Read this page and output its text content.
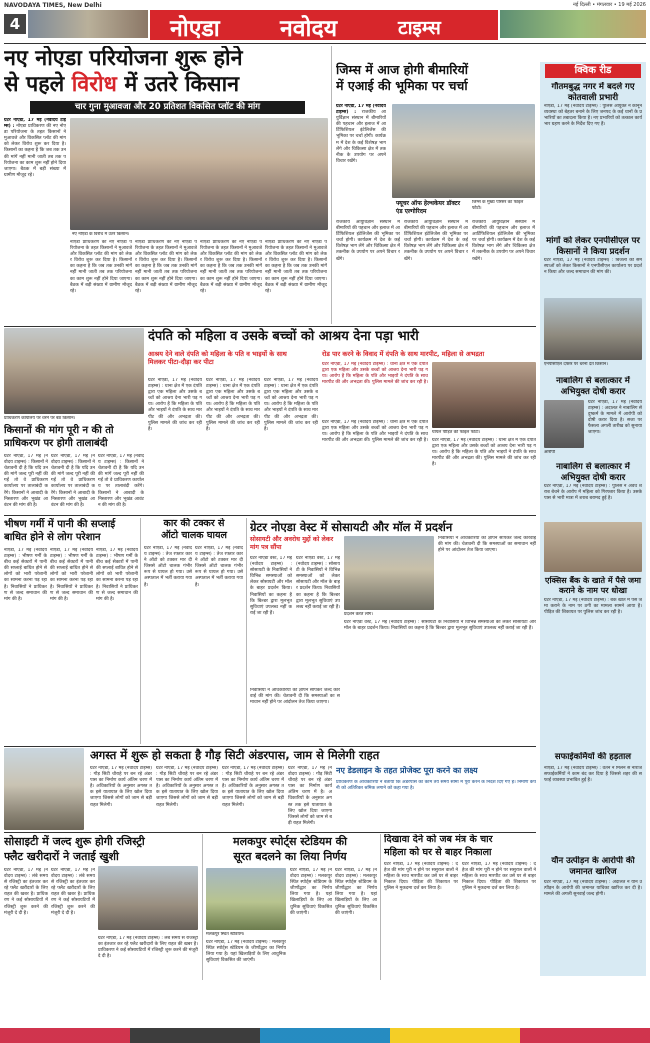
NAVODAYA TIMES, New Delhi
4	नोएडा	नवोदय	टाइम्स
नई दिल्ली • मंगलवार • 19 मई 2026
नए नोएडा परियोजना शुरू होने
से पहले विरोध में उतरे किसान
चार गुना मुआवजा और 20 प्रतिशत विकसित प्लॉट की मांग
ग्रेटर नोएडा, 17 मई (नवोदय टाइम्स) : नोएडा प्राधिकरण की नए नोएडा परियोजना के तहत किसानों ने मुआवजे और विकसित प्लॉट की मांग को लेकर विरोध शुरू कर दिया है। किसानों का कहना है कि जब तक उनकी मांगें नहीं मानी जाती तब तक परियोजना का काम शुरू नहीं होने दिया जाएगा। बैठक में बड़ी संख्या में ग्रामीण मौजूद रहे।
नए नोएडा के विरोध में उतरे किसान।
नोएडा प्राधिकरण की नए नोएडा परियोजना के तहत किसानों ने मुआवजे और विकसित प्लॉट की मांग को लेकर विरोध शुरू कर दिया है। किसानों का कहना है कि जब तक उनकी मांगें नहीं मानी जाती तब तक परियोजना का काम शुरू नहीं होने दिया जाएगा। बैठक में बड़ी संख्या में ग्रामीण मौजूद रहे।
नोएडा प्राधिकरण की नए नोएडा परियोजना के तहत किसानों ने मुआवजे और विकसित प्लॉट की मांग को लेकर विरोध शुरू कर दिया है। किसानों का कहना है कि जब तक उनकी मांगें नहीं मानी जाती तब तक परियोजना का काम शुरू नहीं होने दिया जाएगा। बैठक में बड़ी संख्या में ग्रामीण मौजूद रहे।
नोएडा प्राधिकरण की नए नोएडा परियोजना के तहत किसानों ने मुआवजे और विकसित प्लॉट की मांग को लेकर विरोध शुरू कर दिया है। किसानों का कहना है कि जब तक उनकी मांगें नहीं मानी जाती तब तक परियोजना का काम शुरू नहीं होने दिया जाएगा। बैठक में बड़ी संख्या में ग्रामीण मौजूद रहे।
नोएडा प्राधिकरण की नए नोएडा परियोजना के तहत किसानों ने मुआवजे और विकसित प्लॉट की मांग को लेकर विरोध शुरू कर दिया है। किसानों का कहना है कि जब तक उनकी मांगें नहीं मानी जाती तब तक परियोजना का काम शुरू नहीं होने दिया जाएगा। बैठक में बड़ी संख्या में ग्रामीण मौजूद रहे।
जिम्स में आज होगी बीमारियों
में एआई की भूमिका पर चर्चा
ग्रेटर नोएडा, 17 मई (नवोदय टाइम्स) : राजकीय आयुर्विज्ञान संस्थान में बीमारियों की पहचान और इलाज में आर्टिफिशियल इंटेलिजेंस की भूमिका पर चर्चा होगी। कार्यक्रम में देश के कई विशेषज्ञ भाग लेंगे और चिकित्सा क्षेत्र में तकनीक के उपयोग पर अपने विचार रखेंगे।
फ्यूचर ऑफ हेल्थकेयर डॉक्टर एंड एल्गोरिदम
जिम्स के मुख्य परिसर का फाइल फोटो।
राजकीय आयुर्विज्ञान संस्थान में बीमारियों की पहचान और इलाज में आर्टिफिशियल इंटेलिजेंस की भूमिका पर चर्चा होगी। कार्यक्रम में देश के कई विशेषज्ञ भाग लेंगे और चिकित्सा क्षेत्र में तकनीक के उपयोग पर अपने विचार रखेंगे।
राजकीय आयुर्विज्ञान संस्थान में बीमारियों की पहचान और इलाज में आर्टिफिशियल इंटेलिजेंस की भूमिका पर चर्चा होगी। कार्यक्रम में देश के कई विशेषज्ञ भाग लेंगे और चिकित्सा क्षेत्र में तकनीक के उपयोग पर अपने विचार रखेंगे।
राजकीय आयुर्विज्ञान संस्थान में बीमारियों की पहचान और इलाज में आर्टिफिशियल इंटेलिजेंस की भूमिका पर चर्चा होगी। कार्यक्रम में देश के कई विशेषज्ञ भाग लेंगे और चिकित्सा क्षेत्र में तकनीक के उपयोग पर अपने विचार रखेंगे।
क्विक रीड
गौतमबुद्ध नगर में बदले गए कोतवाली प्रभारी
नोएडा, 17 मई (नवोदय टाइम्स) : पुलिस आयुक्त ने कानून व्यवस्था को बेहतर बनाने के लिए जनपद के कई थानों के प्रभारियों का तबादला किया है। नए प्रभारियों को तत्काल कार्यभार ग्रहण करने के निर्देश दिए गए हैं।
मांगों को लेकर एनपीसीएल पर किसानों ने किया प्रदर्शन
ग्रेटर नोएडा, 17 मई (नवोदय टाइम्स) : बिजली की समस्याओं को लेकर किसानों ने एनपीसीएल कार्यालय पर प्रदर्शन किया और जल्द समाधान की मांग की।
एनपीसीएल दफ्तर पर धरना देते किसान।
नाबालिग से बलात्कार में अभियुक्त दोषी करार
आरोपी
ग्रेटर नोएडा, 17 मई (नवोदय टाइम्स) : अदालत ने नाबालिग से दुष्कर्म के मामले में आरोपी को दोषी करार दिया है। सजा पर फैसला अगली तारीख को सुनाया जाएगा।
नाबालिग से बलात्कार में अभियुक्त दोषी करार
ग्रेटर नोएडा, 17 मई (नवोदय टाइम्स) : पुलिस ने अवैध शराब बेचने के आरोप में महिला को गिरफ्तार किया है। उसके पास से भारी मात्रा में शराब बरामद हुई है।
एक्सिस बैंक के खाते में पैसे जमा कराने के नाम पर धोखा
ग्रेटर नोएडा, 17 मई (नवोदय टाइम्स) : बैंक खाते में पैसे जमा कराने के नाम पर ठगी का मामला सामने आया है। पीड़ित की शिकायत पर पुलिस जांच कर रही है।
सफाईकर्मियों की हड़ताल
नोएडा, 17 मई (नवोदय टाइम्स) : वेतन न मिलने से नाराज सफाईकर्मियों ने काम बंद कर दिया है जिससे शहर की सफाई व्यवस्था प्रभावित हुई है।
यौन उत्पीड़न के आरोपी की जमानत खारिज
ग्रेटर नोएडा, 17 मई (नवोदय टाइम्स) : अदालत ने यौन उत्पीड़न के आरोपी की जमानत याचिका खारिज कर दी है। मामले की अगली सुनवाई जल्द होगी।
दंपति को महिला व उसके बच्चों को आश्रय देना पड़ा भारी
प्राधिकरण कार्यालय पर धरने पर बैठे किसान।
आश्रय देने वाले दंपति को महिला के पति व भाइयों के साथ मिलकर पीटा-दौड़ा कर पीटा
ग्रेटर नोएडा, 17 मई (नवोदय टाइम्स) : थाना क्षेत्र में एक दंपति द्वारा एक महिला और उसके बच्चों को आश्रय देना भारी पड़ गया। आरोप है कि महिला के पति और भाइयों ने दंपति के साथ मारपीट की और अभद्रता की। पुलिस मामले की जांच कर रही है।
ग्रेटर नोएडा, 17 मई (नवोदय टाइम्स) : थाना क्षेत्र में एक दंपति द्वारा एक महिला और उसके बच्चों को आश्रय देना भारी पड़ गया। आरोप है कि महिला के पति और भाइयों ने दंपति के साथ मारपीट की और अभद्रता की। पुलिस मामले की जांच कर रही है।
ग्रेटर नोएडा, 17 मई (नवोदय टाइम्स) : थाना क्षेत्र में एक दंपति द्वारा एक महिला और उसके बच्चों को आश्रय देना भारी पड़ गया। आरोप है कि महिला के पति और भाइयों ने दंपति के साथ मारपीट की और अभद्रता की। पुलिस मामले की जांच कर रही है।
रोड पार करने के विवाद में दंपति के साथ मारपीट, महिला से अभद्रता
ग्रेटर नोएडा, 17 मई (नवोदय टाइम्स) : थाना क्षेत्र में एक दंपति द्वारा एक महिला और उसके बच्चों को आश्रय देना भारी पड़ गया। आरोप है कि महिला के पति और भाइयों ने दंपति के साथ मारपीट की और अभद्रता की। पुलिस मामले की जांच कर रही है।
घायल पीड़ित की फाइल फोटो।
ग्रेटर नोएडा, 17 मई (नवोदय टाइम्स) : थाना क्षेत्र में एक दंपति द्वारा एक महिला और उसके बच्चों को आश्रय देना भारी पड़ गया। आरोप है कि महिला के पति और भाइयों ने दंपति के साथ मारपीट की और अभद्रता की। पुलिस मामले की जांच कर रही है। ग्रेटर नोएडा, 17 मई (नवोदय टाइम्स) : थाना क्षेत्र में एक दंपति द्वारा एक महिला और उसके बच्चों को आश्रय देना भारी पड़ गया। आरोप है कि महिला के पति और भाइयों ने दंपति के साथ मारपीट की और अभद्रता की। पुलिस मामले की जांच कर रही है।
किसानों की मांग पूरी न की तो
प्राधिकरण पर होगी तालाबंदी
ग्रेटर नोएडा, 17 मई (नवोदय टाइम्स) : किसानों ने चेतावनी दी है कि यदि उनकी मांगें जल्द पूरी नहीं की गईं तो वे प्राधिकरण कार्यालय पर तालाबंदी करेंगे। किसानों ने आबादी के निस्तारण और भूखंड आवंटन की मांग की है।
ग्रेटर नोएडा, 17 मई (नवोदय टाइम्स) : किसानों ने चेतावनी दी है कि यदि उनकी मांगें जल्द पूरी नहीं की गईं तो वे प्राधिकरण कार्यालय पर तालाबंदी करेंगे। किसानों ने आबादी के निस्तारण और भूखंड आवंटन की मांग की है।
ग्रेटर नोएडा, 17 मई (नवोदय टाइम्स) : किसानों ने चेतावनी दी है कि यदि उनकी मांगें जल्द पूरी नहीं की गईं तो वे प्राधिकरण कार्यालय पर तालाबंदी करेंगे। किसानों ने आबादी के निस्तारण और भूखंड आवंटन की मांग की है।
भीषण गर्मी में पानी की सप्लाई
बाधित होने से लोग परेशान
नोएडा, 17 मई (नवोदय टाइम्स) : भीषण गर्मी के बीच कई सेक्टरों में पानी की सप्लाई बाधित होने से लोगों को भारी परेशानी का सामना करना पड़ रहा है। निवासियों ने प्राधिकरण से जल्द समाधान की मांग की है।
नोएडा, 17 मई (नवोदय टाइम्स) : भीषण गर्मी के बीच कई सेक्टरों में पानी की सप्लाई बाधित होने से लोगों को भारी परेशानी का सामना करना पड़ रहा है। निवासियों ने प्राधिकरण से जल्द समाधान की मांग की है।
नोएडा, 17 मई (नवोदय टाइम्स) : भीषण गर्मी के बीच कई सेक्टरों में पानी की सप्लाई बाधित होने से लोगों को भारी परेशानी का सामना करना पड़ रहा है। निवासियों ने प्राधिकरण से जल्द समाधान की मांग की है।
कार की टक्कर से
ऑटो चालक घायल
ग्रेटर नोएडा, 17 मई (नवोदय टाइम्स) : तेज रफ्तार कार ने ऑटो को टक्कर मार दी जिससे ऑटो चालक गंभीर रूप से घायल हो गया। उसे अस्पताल में भर्ती कराया गया है।
ग्रेटर नोएडा, 17 मई (नवोदय टाइम्स) : तेज रफ्तार कार ने ऑटो को टक्कर मार दी जिससे ऑटो चालक गंभीर रूप से घायल हो गया। उसे अस्पताल में भर्ती कराया गया है।
ग्रेटर नोएडा वेस्ट में सोसायटी और मॉल में प्रदर्शन
सोसायटी और अवरोध मुद्दों को लेकर मांग पत्र सौंपा
ग्रेटर नोएडा वेस्ट, 17 मई (नवोदय टाइम्स) : सोसायटी के निवासियों ने विभिन्न समस्याओं को लेकर सोसायटी और मॉल के बाहर प्रदर्शन किया। निवासियों का कहना है कि बिल्डर द्वारा मूलभूत सुविधाएं उपलब्ध नहीं कराई जा रही हैं।
ग्रेटर नोएडा वेस्ट, 17 मई (नवोदय टाइम्स) : सोसायटी के निवासियों ने विभिन्न समस्याओं को लेकर सोसायटी और मॉल के बाहर प्रदर्शन किया। निवासियों का कहना है कि बिल्डर द्वारा मूलभूत सुविधाएं उपलब्ध नहीं कराई जा रही हैं।
प्रदर्शन करते लोग।
निवासियों ने अधिकारियों को ज्ञापन सौंपकर जल्द कार्रवाई की मांग की। चेतावनी दी कि समस्याओं का समाधान नहीं होने पर आंदोलन तेज किया जाएगा।
ग्रेटर नोएडा वेस्ट, 17 मई (नवोदय टाइम्स) : सोसायटी के निवासियों ने विभिन्न समस्याओं को लेकर सोसायटी और मॉल के बाहर प्रदर्शन किया। निवासियों का कहना है कि बिल्डर द्वारा मूलभूत सुविधाएं उपलब्ध नहीं कराई जा रही हैं।
निवासियों ने अधिकारियों को ज्ञापन सौंपकर जल्द कार्रवाई की मांग की। चेतावनी दी कि समस्याओं का समाधान नहीं होने पर आंदोलन तेज किया जाएगा।
अगस्त में शुरू हो सकता है गौड़ सिटी अंडरपास, जाम से मिलेगी राहत
ग्रेटर नोएडा, 17 मई (नवोदय टाइम्स) : गौड़ सिटी चौराहे पर बन रहे अंडरपास का निर्माण कार्य अंतिम चरण में है। अधिकारियों के अनुसार अगस्त तक इसे यातायात के लिए खोल दिया जाएगा जिससे लोगों को जाम से बड़ी राहत मिलेगी।
ग्रेटर नोएडा, 17 मई (नवोदय टाइम्स) : गौड़ सिटी चौराहे पर बन रहे अंडरपास का निर्माण कार्य अंतिम चरण में है। अधिकारियों के अनुसार अगस्त तक इसे यातायात के लिए खोल दिया जाएगा जिससे लोगों को जाम से बड़ी राहत मिलेगी।
ग्रेटर नोएडा, 17 मई (नवोदय टाइम्स) : गौड़ सिटी चौराहे पर बन रहे अंडरपास का निर्माण कार्य अंतिम चरण में है। अधिकारियों के अनुसार अगस्त तक इसे यातायात के लिए खोल दिया जाएगा जिससे लोगों को जाम से बड़ी राहत मिलेगी।
ग्रेटर नोएडा, 17 मई (नवोदय टाइम्स) : गौड़ सिटी चौराहे पर बन रहे अंडरपास का निर्माण कार्य अंतिम चरण में है। अधिकारियों के अनुसार अगस्त तक इसे यातायात के लिए खोल दिया जाएगा जिससे लोगों को जाम से बड़ी राहत मिलेगी।
नए डेडलाइन के तहत प्रोजेक्ट पूरा करने का लक्ष्य
प्राधिकरण के अधिकारियों ने बताया कि अंडरपास का काम तय समय सीमा में पूरा करने के निर्देश दिए गए हैं। निर्माण कंपनी को अतिरिक्त श्रमिक लगाने को कहा गया है।
सोसाइटी में जल्द शुरू होगी रजिस्ट्री
फ्लैट खरीदारों ने जताई खुशी
ग्रेटर नोएडा, 17 मई (नवोदय टाइम्स) : लंबे समय से रजिस्ट्री का इंतजार कर रहे फ्लैट खरीदारों के लिए राहत की खबर है। प्राधिकरण ने कई सोसायटियों में रजिस्ट्री शुरू करने की मंजूरी दे दी है।
ग्रेटर नोएडा, 17 मई (नवोदय टाइम्स) : लंबे समय से रजिस्ट्री का इंतजार कर रहे फ्लैट खरीदारों के लिए राहत की खबर है। प्राधिकरण ने कई सोसायटियों में रजिस्ट्री शुरू करने की मंजूरी दे दी है।
ग्रेटर नोएडा, 17 मई (नवोदय टाइम्स) : लंबे समय से रजिस्ट्री का इंतजार कर रहे फ्लैट खरीदारों के लिए राहत की खबर है। प्राधिकरण ने कई सोसायटियों में रजिस्ट्री शुरू करने की मंजूरी दे दी है।
मलकपुर स्पोर्ट्स स्टेडियम की
सूरत बदलने का लिया निर्णय
मलकपुर स्थित स्टेडियम।
ग्रेटर नोएडा, 17 मई (नवोदय टाइम्स) : मलकपुर स्थित स्पोर्ट्स स्टेडियम के जीर्णोद्धार का निर्णय लिया गया है। यहां खिलाड़ियों के लिए आधुनिक सुविधाएं विकसित की जाएंगी।
ग्रेटर नोएडा, 17 मई (नवोदय टाइम्स) : मलकपुर स्थित स्पोर्ट्स स्टेडियम के जीर्णोद्धार का निर्णय लिया गया है। यहां खिलाड़ियों के लिए आधुनिक सुविधाएं विकसित की जाएंगी।
ग्रेटर नोएडा, 17 मई (नवोदय टाइम्स) : मलकपुर स्थित स्पोर्ट्स स्टेडियम के जीर्णोद्धार का निर्णय लिया गया है। यहां खिलाड़ियों के लिए आधुनिक सुविधाएं विकसित की जाएंगी।
दिखावा देने को जब मंत्र के चार
महिला को घर से बाहर निकाला
ग्रेटर नोएडा, 17 मई (नवोदय टाइम्स) : दहेज की मांग पूरी न होने पर ससुराल वालों ने महिला के साथ मारपीट कर उसे घर से बाहर निकाल दिया। पीड़िता की शिकायत पर पुलिस ने मुकदमा दर्ज कर लिया है।
ग्रेटर नोएडा, 17 मई (नवोदय टाइम्स) : दहेज की मांग पूरी न होने पर ससुराल वालों ने महिला के साथ मारपीट कर उसे घर से बाहर निकाल दिया। पीड़िता की शिकायत पर पुलिस ने मुकदमा दर्ज कर लिया है।
